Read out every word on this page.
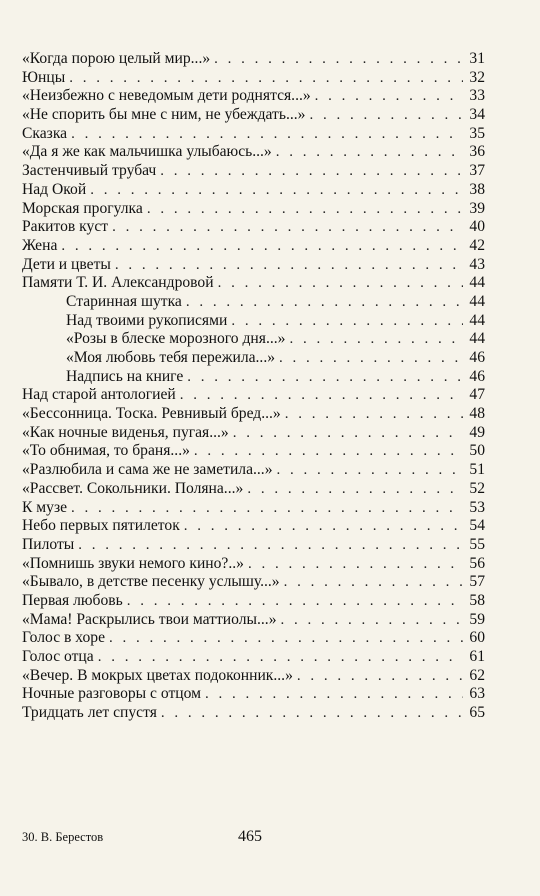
«Когда порою целый мир...» . . .	31
Юнцы . . .	32
«Неизбежно с неведомым дети роднятся...» . . .	33
«Не спорить бы мне с ним, не убеждать...» . . .	34
Сказка . . .	35
«Да я же как мальчишка улыбаюсь...» . . .	36
Застенчивый трубач . . .	37
Над Окой . . .	38
Морская прогулка . . .	39
Ракитов куст . . .	40
Жена . . .	42
Дети и цветы . . .	43
Памяти Т. И. Александровой . . .	44
Старинная шутка . . .	44
Над твоими рукописями . . .	44
«Розы в блеске морозного дня...» . . .	44
«Моя любовь тебя пережила...» . . .	46
Надпись на книге . . .	46
Над старой антологией . . .	47
«Бессонница. Тоска. Ревнивый бред...» . . .	48
«Как ночные виденья, пугая...» . . .	49
«То обнимая, то браня...» . . .	50
«Разлюбила и сама же не заметила...» . . .	51
«Рассвет. Сокольники. Поляна...» . . .	52
К музе . . .	53
Небо первых пятилеток . . .	54
Пилоты . . .	55
«Помнишь звуки немого кино?..» . . .	56
«Бывало, в детстве песенку услышу...» . . .	57
Первая любовь . . .	58
«Мама! Раскрылись твои маттиолы...» . . .	59
Голос в хоре . . .	60
Голос отца . . .	61
«Вечер. В мокрых цветах подоконник...» . . .	62
Ночные разговоры с отцом . . .	63
Тридцать лет спустя . . .	65
30. В. Берестов	465
